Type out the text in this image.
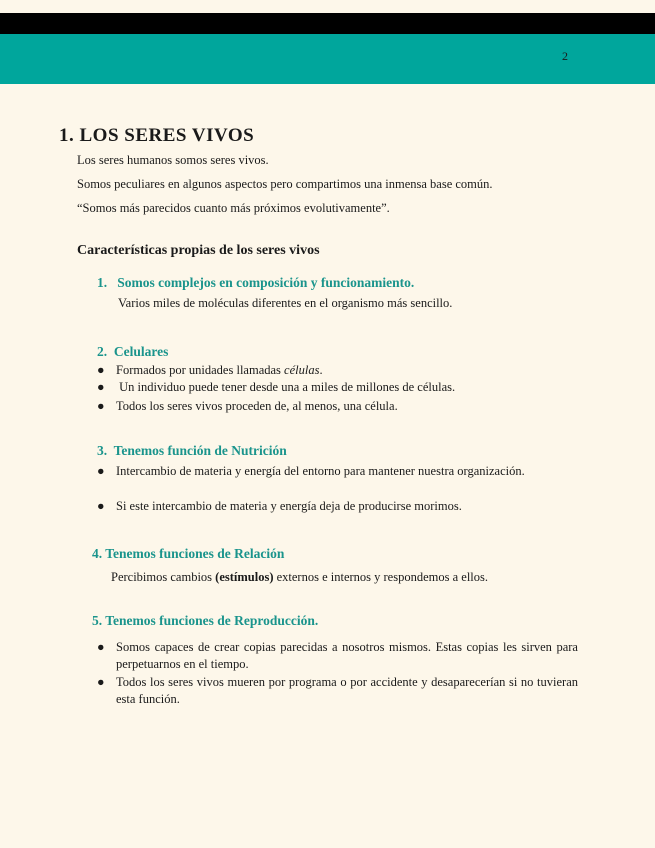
2
1. LOS SERES VIVOS
Los seres humanos somos seres vivos.
Somos peculiares en algunos aspectos pero compartimos una inmensa base común.
“Somos más parecidos cuanto más próximos evolutivamente”.
Características propias de los seres vivos
1.   Somos complejos en composición y funcionamiento.
Varios miles de moléculas diferentes en el organismo más sencillo.
2.  Celulares
● Formados por unidades llamadas células.
● Un individuo puede tener desde una a miles de millones de células.
● Todos los seres vivos proceden de, al menos, una célula.
3.  Tenemos función de Nutrición
● Intercambio de materia y energía del entorno para mantener nuestra organización.
● Si este intercambio de materia y energía deja de producirse morimos.
4. Tenemos funciones de Relación
Percibimos cambios (estímulos) externos e internos y respondemos a ellos.
5. Tenemos funciones de Reproducción.
● Somos capaces de crear copias parecidas a nosotros mismos. Estas copias les sirven para perpetuarnos en el tiempo.
● Todos los seres vivos mueren por programa o por accidente y desaparecerían si no tuvieran esta función.
